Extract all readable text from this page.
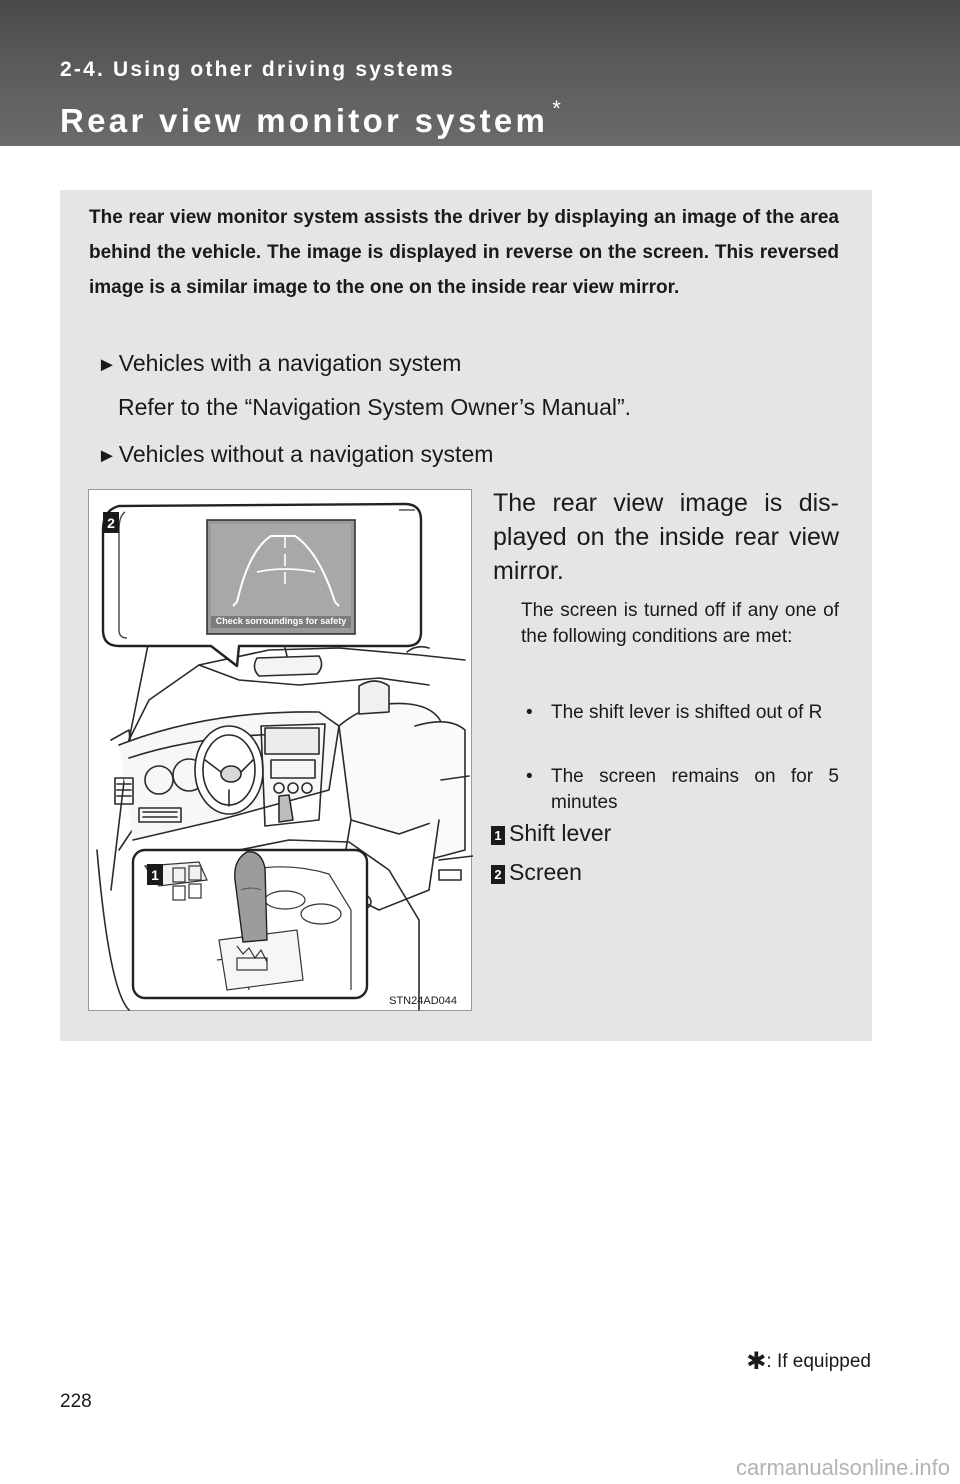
2-4. Using other driving systems
Rear view monitor system *
The rear view monitor system assists the driver by displaying an image of the area behind the vehicle. The image is displayed in reverse on the screen. This reversed image is a similar image to the one on the inside rear view mirror.
►Vehicles with a navigation system
Refer to the “Navigation System Owner’s Manual”.
►Vehicles without a navigation system
2
1
Check sorroundings for safety
STN24AD044
The rear view image is dis-played on the inside rear view mirror.
The screen is turned off if any one of the following conditions are met:
• The shift lever is shifted out of R
• The screen remains on for 5 minutes
1 Shift lever
2 Screen
✱: If equipped
228
carmanualsonline.info
